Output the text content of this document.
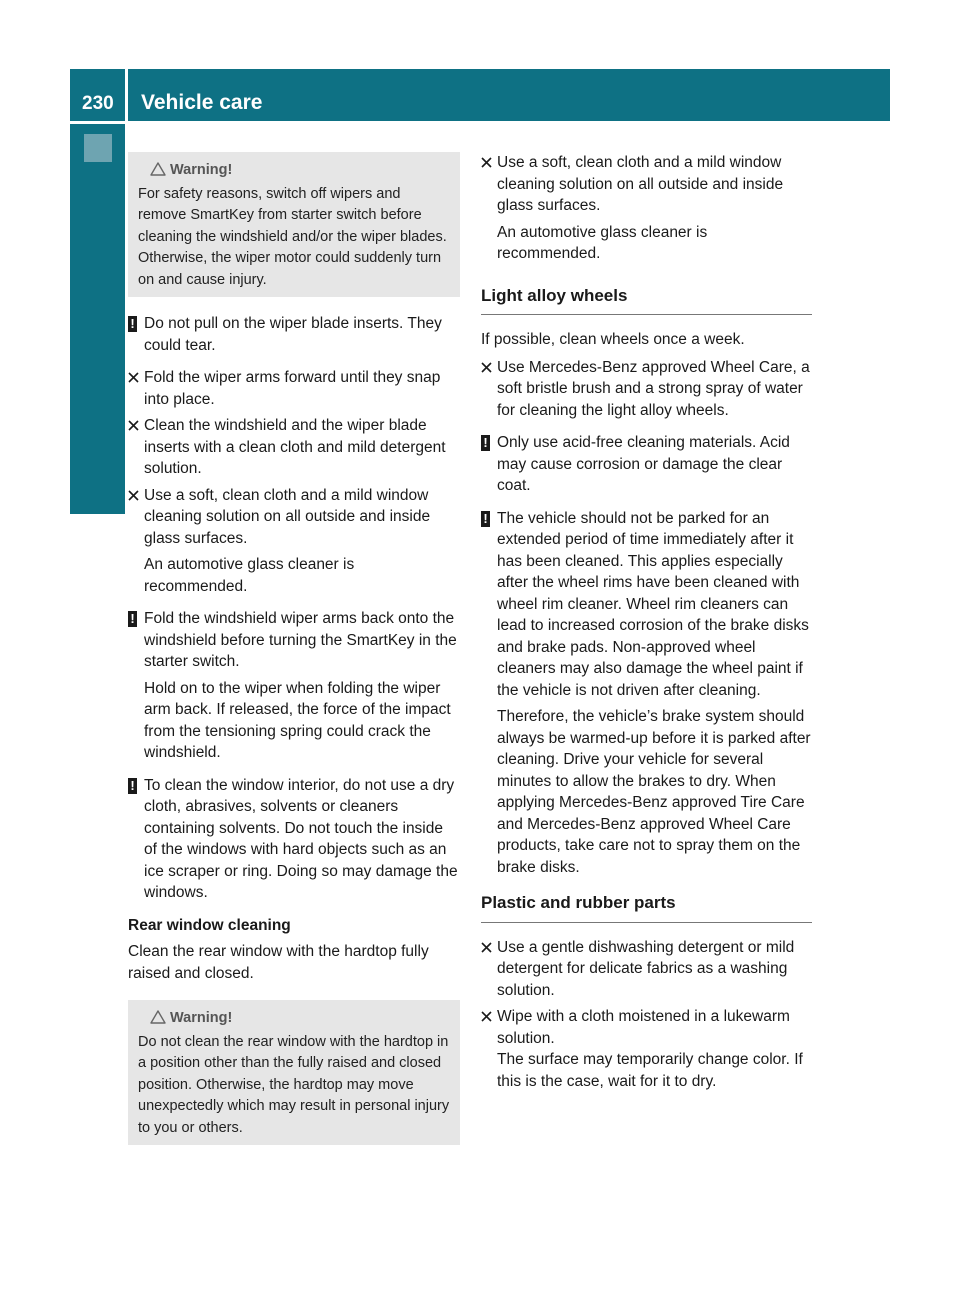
230 Vehicle care
Operation
Warning!
For safety reasons, switch off wipers and remove SmartKey from starter switch before cleaning the windshield and/or the wiper blades. Otherwise, the wiper motor could suddenly turn on and cause injury.
! Do not pull on the wiper blade inserts. They could tear.

Fold the wiper arms forward until they snap into place.

Clean the windshield and the wiper blade inserts with a clean cloth and mild detergent solution.

Use a soft, clean cloth and a mild window cleaning solution on all outside and inside glass surfaces.

An automotive glass cleaner is recommended.

! Fold the windshield wiper arms back onto the windshield before turning the SmartKey in the starter switch.

Hold on to the wiper when folding the wiper arm back. If released, the force of the impact from the tensioning spring could crack the windshield.

! To clean the window interior, do not use a dry cloth, abrasives, solvents or cleaners containing solvents. Do not touch the inside of the windows with hard objects such as an ice scraper or ring. Doing so may damage the windows.

Rear window cleaning

Clean the rear window with the hardtop fully raised and closed.

Warning!
Do not clean the rear window with the hardtop in a position other than the fully raised and closed position. Otherwise, the hardtop may move unexpectedly which may result in personal injury to you or others.

Use a soft, clean cloth and a mild window cleaning solution on all outside and inside glass surfaces.

An automotive glass cleaner is recommended.

Light alloy wheels

If possible, clean wheels once a week.

Use Mercedes-Benz approved Wheel Care, a soft bristle brush and a strong spray of water for cleaning the light alloy wheels.

! Only use acid-free cleaning materials. Acid may cause corrosion or damage the clear coat.

! The vehicle should not be parked for an extended period of time immediately after it has been cleaned. This applies especially after the wheel rims have been cleaned with wheel rim cleaner. Wheel rim cleaners can lead to increased corrosion of the brake disks and brake pads. Non-approved wheel cleaners may also damage the wheel paint if the vehicle is not driven after cleaning.

Therefore, the vehicle’s brake system should always be warmed-up before it is parked after cleaning. Drive your vehicle for several minutes to allow the brakes to dry. When applying Mercedes-Benz approved Tire Care and Mercedes-Benz approved Wheel Care products, take care not to spray them on the brake disks.

Plastic and rubber parts

Use a gentle dishwashing detergent or mild detergent for delicate fabrics as a washing solution.

Wipe with a cloth moistened in a lukewarm solution.

The surface may temporarily change color. If this is the case, wait for it to dry.
